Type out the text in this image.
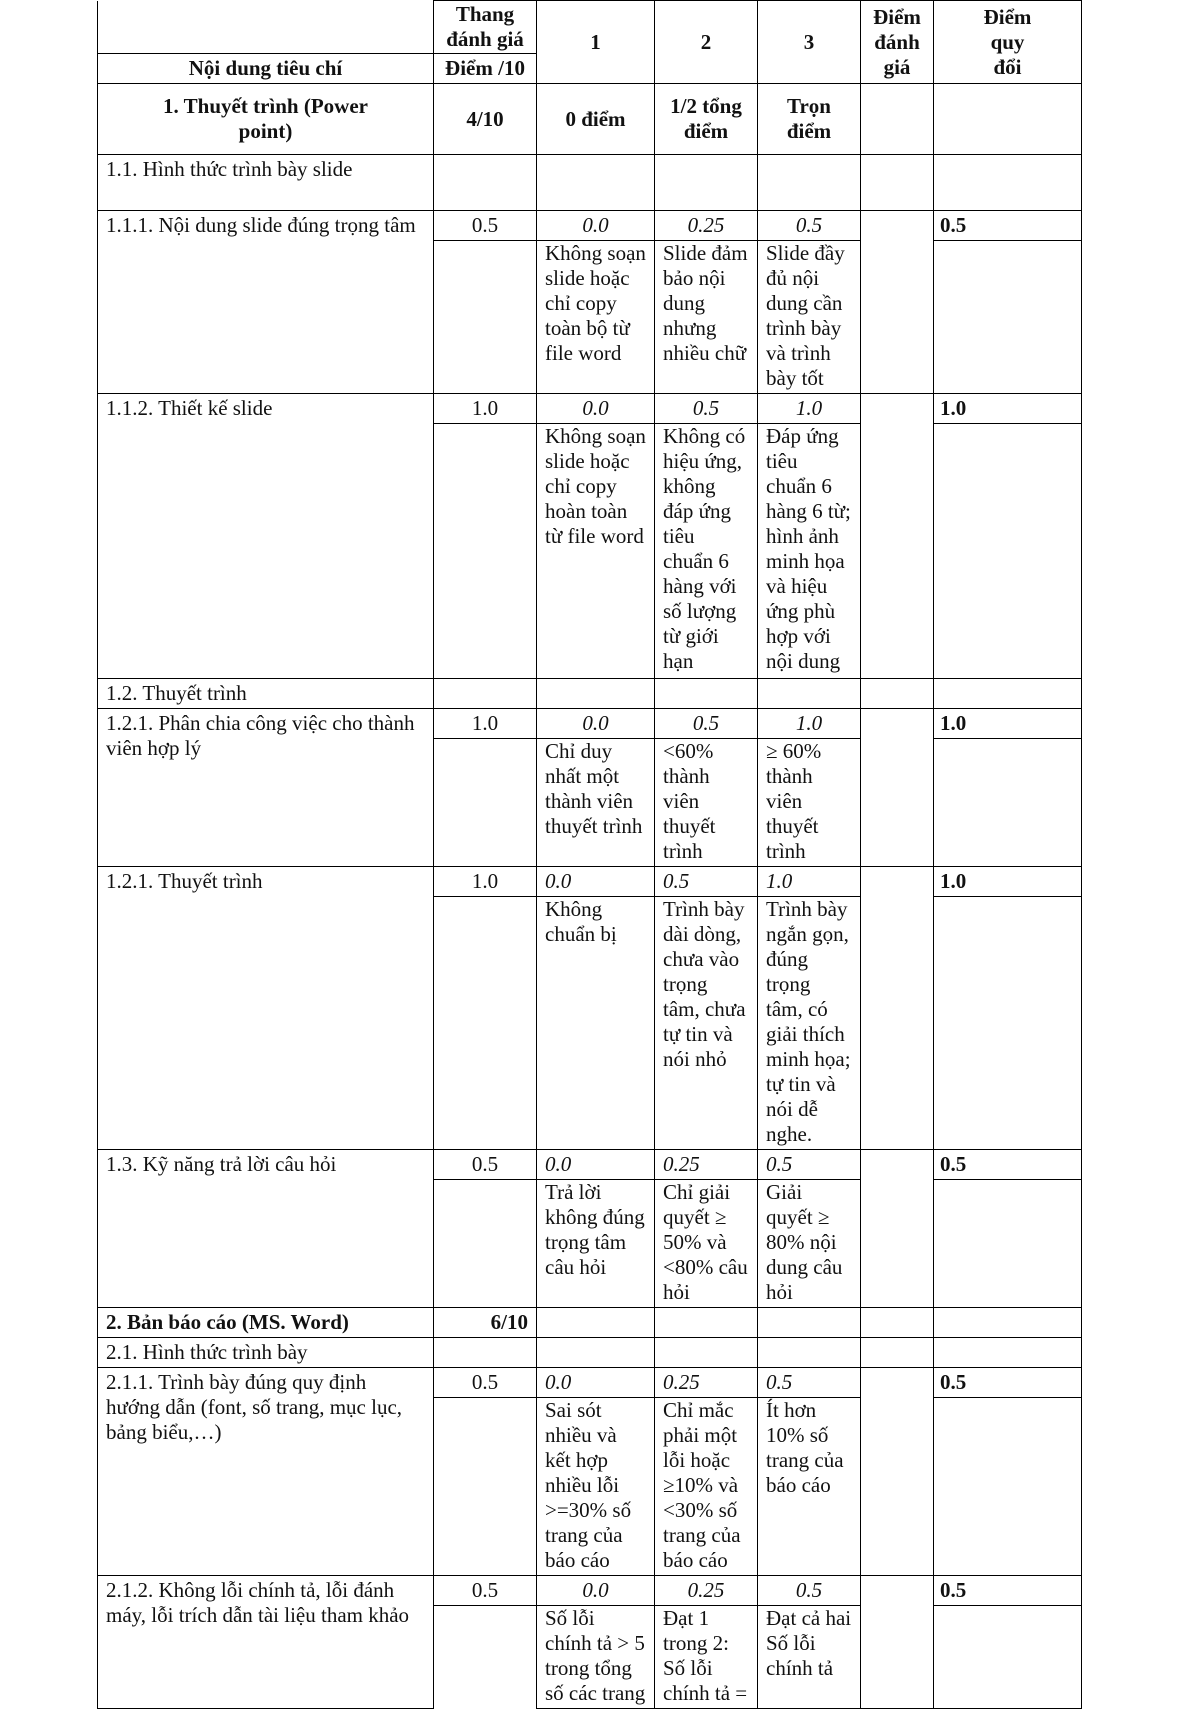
	Thang đánh giá	1	2	3	Điểm đánh giá	Điểm quy đổi
Nội dung tiêu chí	Điểm /10					
1. Thuyết trình (Power point)	4/10	0 điểm	1/2 tổng điểm	Trọn điểm		
1.1. Hình thức trình bày slide						
1.1.1. Nội dung slide đúng trọng tâm	0.5	0.0	0.25	0.5		0.5
		Không soạn slide hoặc chỉ copy toàn bộ từ file word	Slide đảm bảo nội dung nhưng nhiều chữ	Slide đầy đủ nội dung cần trình bày và trình bày tốt		
1.1.2. Thiết kế slide	1.0	0.0	0.5	1.0		1.0
		Không soạn slide hoặc chỉ copy hoàn toàn từ file word	Không có hiệu ứng, không đáp ứng tiêu chuẩn 6 hàng với số lượng từ giới hạn	Đáp ứng tiêu chuẩn 6 hàng 6 từ; hình ảnh minh họa và hiệu ứng phù hợp với nội dung		
1.2. Thuyết trình						
1.2.1. Phân chia công việc cho thành viên hợp lý	1.0	0.0	0.5	1.0		1.0
		Chỉ duy nhất một thành viên thuyết trình	<60% thành viên thuyết trình	≥ 60% thành viên thuyết trình		
1.2.1. Thuyết trình	1.0	0.0	0.5	1.0		1.0
		Không chuẩn bị	Trình bày dài dòng, chưa vào trọng tâm, chưa tự tin và nói nhỏ	Trình bày ngắn gọn, đúng trọng tâm, có giải thích minh họa; tự tin và nói dễ nghe.		
1.3. Kỹ năng trả lời câu hỏi	0.5	0.0	0.25	0.5		0.5
		Trả lời không đúng trọng tâm câu hỏi	Chỉ giải quyết ≥ 50% và <80% câu hỏi	Giải quyết ≥ 80% nội dung câu hỏi		
2. Bản báo cáo (MS. Word)	6/10					
2.1. Hình thức trình bày						
2.1.1. Trình bày đúng quy định hướng dẫn (font, số trang, mục lục, bảng biểu,…)	0.5	0.0	0.25	0.5		0.5
		Sai sót nhiều và kết hợp nhiều lỗi >=30% số trang của báo cáo	Chỉ mắc phải một lỗi hoặc ≥10% và <30% số trang của báo cáo	Ít hơn 10% số trang của báo cáo		
2.1.2. Không lỗi chính tả, lỗi đánh máy, lỗi trích dẫn tài liệu tham khảo	0.5	0.0	0.25	0.5		0.5
		Số lỗi chính tả > 5 trong tổng số các trang	Đạt 1 trong 2: Số lỗi chính tả =	Đạt cả hai Số lỗi chính tả		
